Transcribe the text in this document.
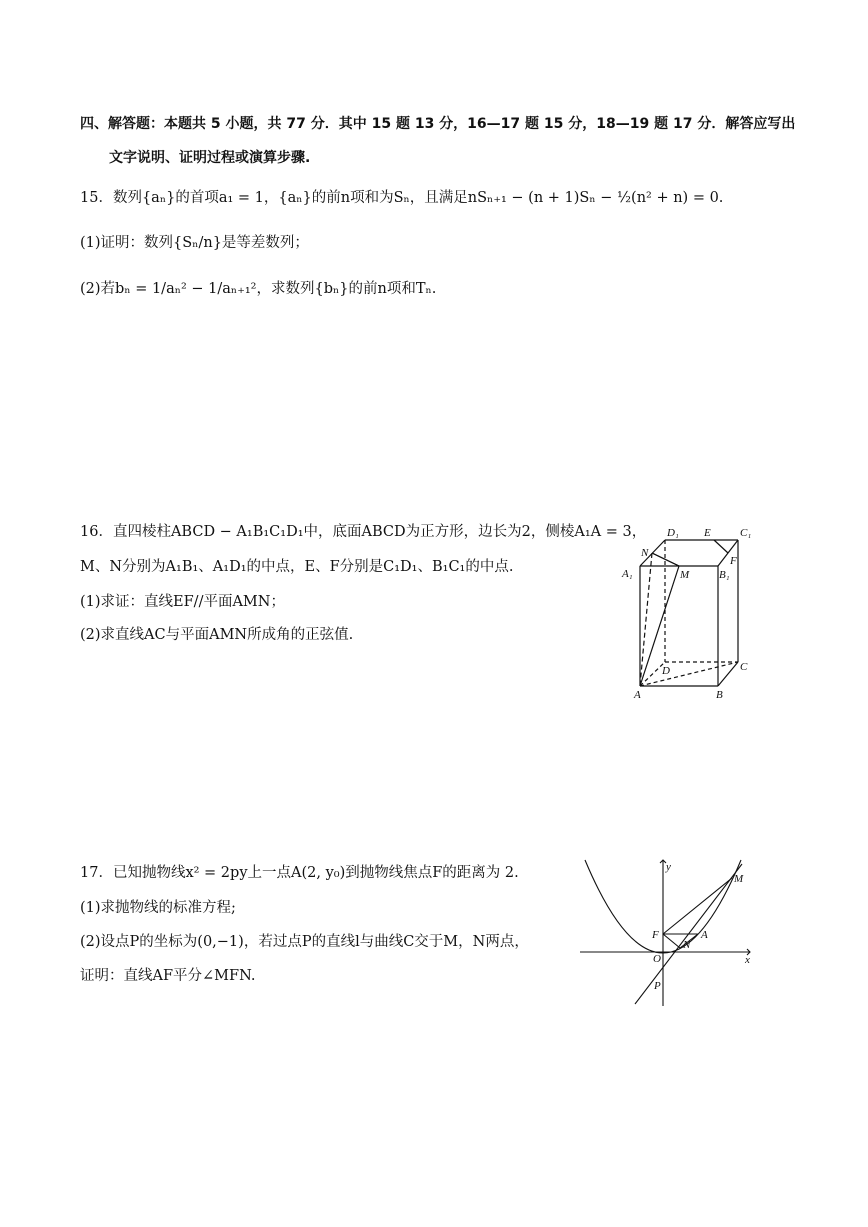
四、解答题：本题共 5 小题，共 77 分．其中 15 题 13 分，16—17 题 15 分，18—19 题 17 分．解答应写出
文字说明、证明过程或演算步骤.
15．数列{aₙ}的首项a₁ = 1，{aₙ}的前n项和为Sₙ，且满足nSₙ₊₁ − (n + 1)Sₙ − ½(n² + n) = 0.
(1)证明：数列{Sₙ/n}是等差数列；
(2)若bₙ = 1/aₙ² − 1/aₙ₊₁²，求数列{bₙ}的前n项和Tₙ.
16．直四棱柱ABCD − A₁B₁C₁D₁中，底面ABCD为正方形，边长为2，侧棱A₁A = 3，
M、N分别为A₁B₁、A₁D₁的中点，E、F分别是C₁D₁、B₁C₁的中点.
(1)求证：直线EF//平面AMN；
(2)求直线AC与平面AMN所成角的正弦值.
D₁ E	C₁
N
F
A₁	M	B₁
D	C
A	B
17．已知抛物线x² = 2py上一点A(2, y₀)到抛物线焦点F的距离为 2.
(1)求抛物线的标准方程;
(2)设点P的坐标为(0,−1)，若过点P的直线l与曲线C交于M，N两点，
证明：直线AF平分∠MFN.
y
M
F	A
O
N
x
P
